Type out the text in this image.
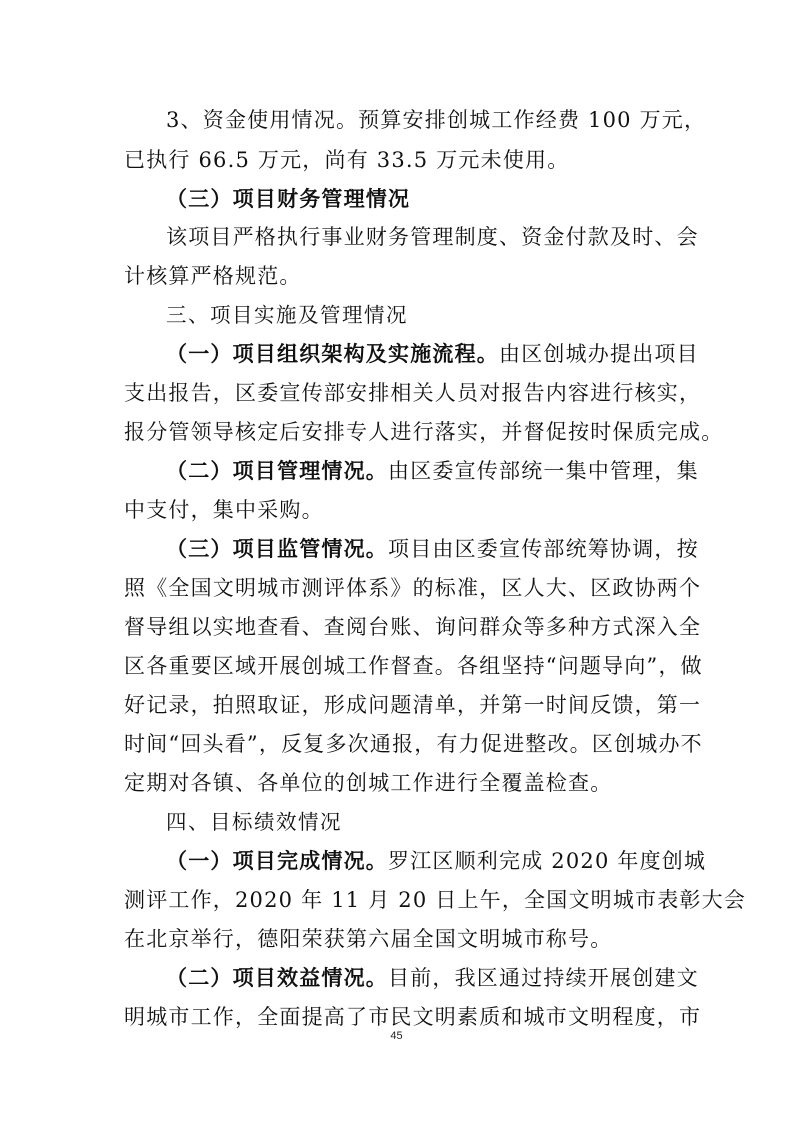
3、资金使用情况。预算安排创城工作经费 100 万元，
已执行 66.5 万元，尚有 33.5 万元未使用。
（三）项目财务管理情况
该项目严格执行事业财务管理制度、资金付款及时、会
计核算严格规范。
三、项目实施及管理情况
（一）项目组织架构及实施流程。由区创城办提出项目
支出报告，区委宣传部安排相关人员对报告内容进行核实，
报分管领导核定后安排专人进行落实，并督促按时保质完成。
（二）项目管理情况。由区委宣传部统一集中管理，集
中支付，集中采购。
（三）项目监管情况。项目由区委宣传部统筹协调，按
照《全国文明城市测评体系》的标准，区人大、区政协两个
督导组以实地查看、查阅台账、询问群众等多种方式深入全
区各重要区域开展创城工作督查。各组坚持“问题导向”，做
好记录，拍照取证，形成问题清单，并第一时间反馈，第一
时间“回头看”，反复多次通报，有力促进整改。区创城办不
定期对各镇、各单位的创城工作进行全覆盖检查。
四、目标绩效情况
（一）项目完成情况。罗江区顺利完成 2020 年度创城
测评工作，2020 年 11 月 20 日上午，全国文明城市表彰大会
在北京举行，德阳荣获第六届全国文明城市称号。
（二）项目效益情况。目前，我区通过持续开展创建文
明城市工作，全面提高了市民文明素质和城市文明程度，市
45
